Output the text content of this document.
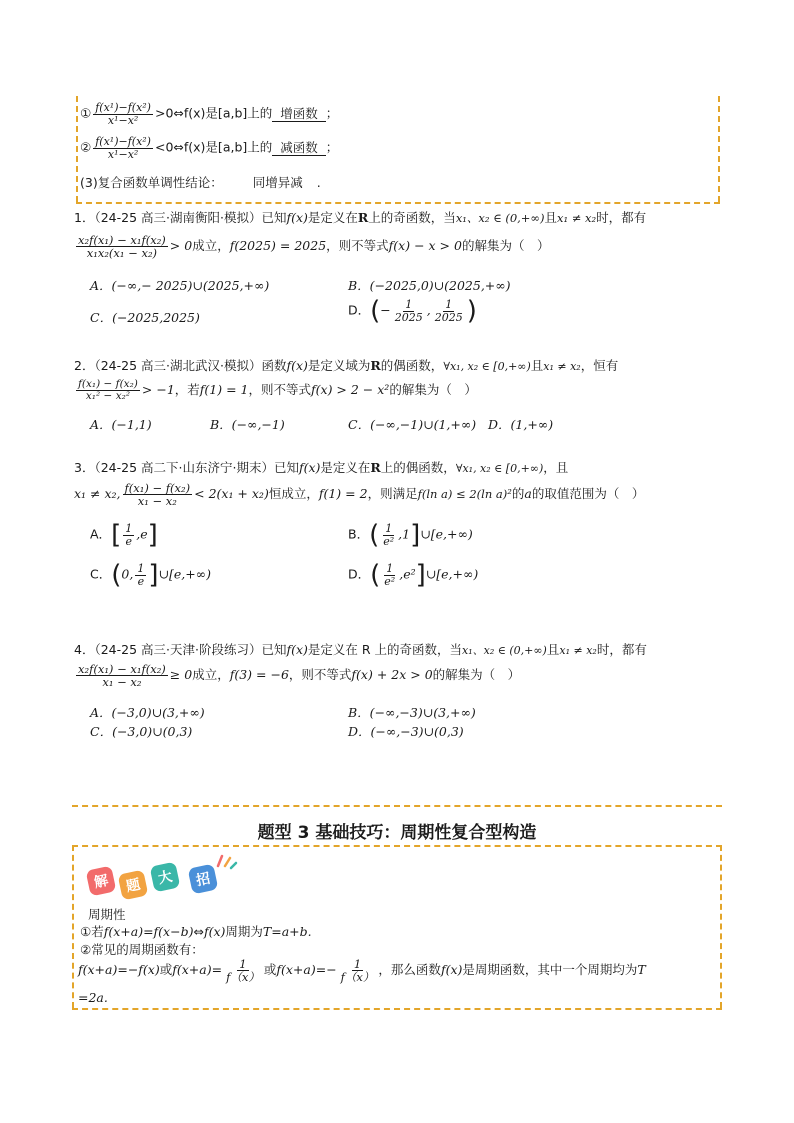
① $\frac{\text{f(x¹)−f(x²)}}{\text{x¹−x²}}$ >0⇔f(x)是[a,b]上的 增函数 ；
② $\frac{\text{f(x¹)−f(x²)}}{\text{x¹−x²}}$ <0⇔f(x)是[a,b]上的 减函数 ；
(3)复合函数单调性结论： 同增异减 .
1．（24-25 高三·湖南衡阳·模拟）已知f(x)是定义在R上的奇函数，当x₁、x₂ ∈ (0,+∞)且x₁ ≠ x₂时，都有
$\frac{\text{x₂f(x₁) − x₁f(x₂)}}{\text{x₁x₂(x₁ − x₂)}} > 0$成立，f(2025) = 2025，则不等式f(x) − x > 0的解集为（　）
A．(−∞,− 2025)∪(2025,+∞)	B．(−2025,0)∪(2025,+∞)
C．(−2025,2025)	D．(− $\frac{1}{2025}$ , $\frac{1}{2025}$ )
2．（24-25 高三·湖北武汉·模拟）函数f(x)是定义域为R的偶函数，∀x₁, x₂ ∈ [0,+∞)且x₁ ≠ x₂，恒有
$\frac{\text{f(x₁) − f(x₂)}}{\text{x₁² − x₂²}} > -1$，若f(1) = 1，则不等式f(x) > 2 − x²的解集为（　）
A．(−1,1)	B．(−∞,−1)	C．(−∞,−1)∪(1,+∞) D．(1,+∞)
3．（24-25 高二下·山东济宁·期末）已知f(x)是定义在R上的偶函数，∀x₁, x₂ ∈ [0,+∞)，且
x₁ ≠ x₂, $\frac{\text{f(x₁) − f(x₂)}}{\text{x₁ − x₂}} < 2(x_1 + x_2)$恒成立，f(1) = 2，则满足f(ln a) ≤ 2(ln a)²的a的取值范围为（　）
A．[ $\frac{1}{e} ,e$]	B．( $\frac{1}{\text{e²}}$ ,1]∪[e,+∞)
C．(0, $\frac{1}{e}$ ]∪[e,+∞)	D．( $\frac{1}{\text{e²}}$ ,e²]∪[e,+∞)
4．（24-25 高三·天津·阶段练习）已知f(x)是定义在 R 上的奇函数，当x₁、x₂ ∈ (0,+∞)且x₁ ≠ x₂时，都有
$\frac{\text{x₂f(x₁) − x₁f(x₂)}}{\text{x₁ − x₂}} \ge 0$成立，f(3) = −6，则不等式f(x) + 2x > 0的解集为（　）
A．(−3,0)∪(3,+∞)	B．(−∞,−3)∪(3,+∞)
C．(−3,0)∪(0,3)	D．(−∞,−3)∪(0,3)
题型 3 基础技巧：周期性复合型构造
解	题	大	招
周期性
①若f(x+a)=f(x−b)⇔f(x)周期为T=a+b.
②常见的周期函数有：
f(x+a)=−f(x)或$f(x+a)= \frac{1}{f(x)}$ 或$f(x+a)=- \frac{1}{f(x)}$ ，那么函数f(x)是周期函数，其中一个周期均为T
=2a.
